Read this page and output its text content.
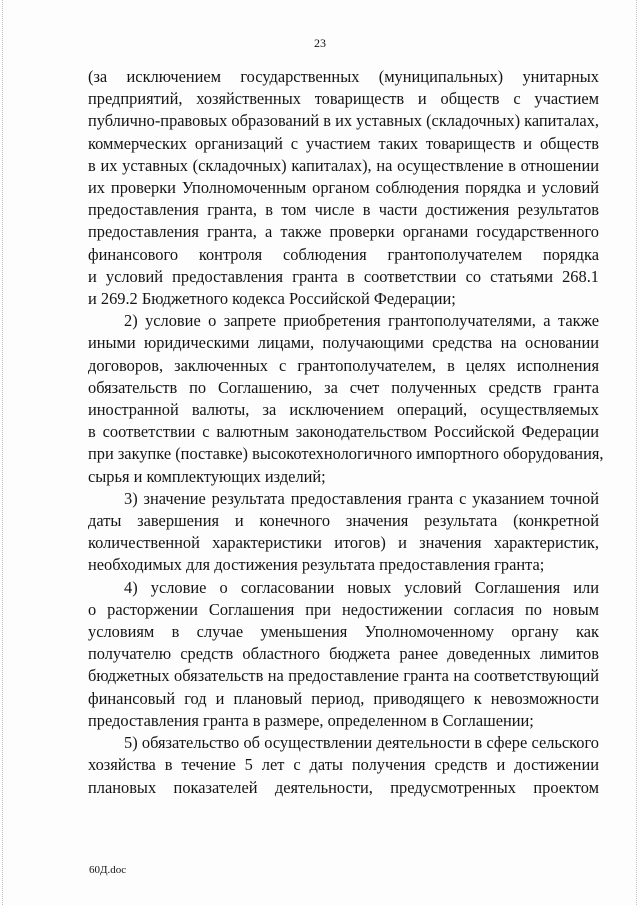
23
(за исключением государственных (муниципальных) унитарных
предприятий, хозяйственных товариществ и обществ с участием
публично-правовых образований в их уставных (складочных) капиталах,
коммерческих организаций с участием таких товариществ и обществ
в их уставных (складочных) капиталах), на осуществление в отношении
их проверки Уполномоченным органом соблюдения порядка и условий
предоставления гранта, в том числе в части достижения результатов
предоставления гранта, а также проверки органами государственного
финансового контроля соблюдения грантополучателем порядка
и условий предоставления гранта в соответствии со статьями 268.1
и 269.2 Бюджетного кодекса Российской Федерации;
2) условие о запрете приобретения грантополучателями, а также
иными юридическими лицами, получающими средства на основании
договоров, заключенных с грантополучателем, в целях исполнения
обязательств по Соглашению, за счет полученных средств гранта
иностранной валюты, за исключением операций, осуществляемых
в соответствии с валютным законодательством Российской Федерации
при закупке (поставке) высокотехнологичного импортного оборудования,
сырья и комплектующих изделий;
3) значение результата предоставления гранта с указанием точной
даты завершения и конечного значения результата (конкретной
количественной характеристики итогов) и значения характеристик,
необходимых для достижения результата предоставления гранта;
4) условие о согласовании новых условий Соглашения или
о расторжении Соглашения при недостижении согласия по новым
условиям в случае уменьшения Уполномоченному органу как
получателю средств областного бюджета ранее доведенных лимитов
бюджетных обязательств на предоставление гранта на соответствующий
финансовый год и плановый период, приводящего к невозможности
предоставления гранта в размере, определенном в Соглашении;
5) обязательство об осуществлении деятельности в сфере сельского
хозяйства в течение 5 лет с даты получения средств и достижении
плановых показателей деятельности, предусмотренных проектом
60Д.doc
